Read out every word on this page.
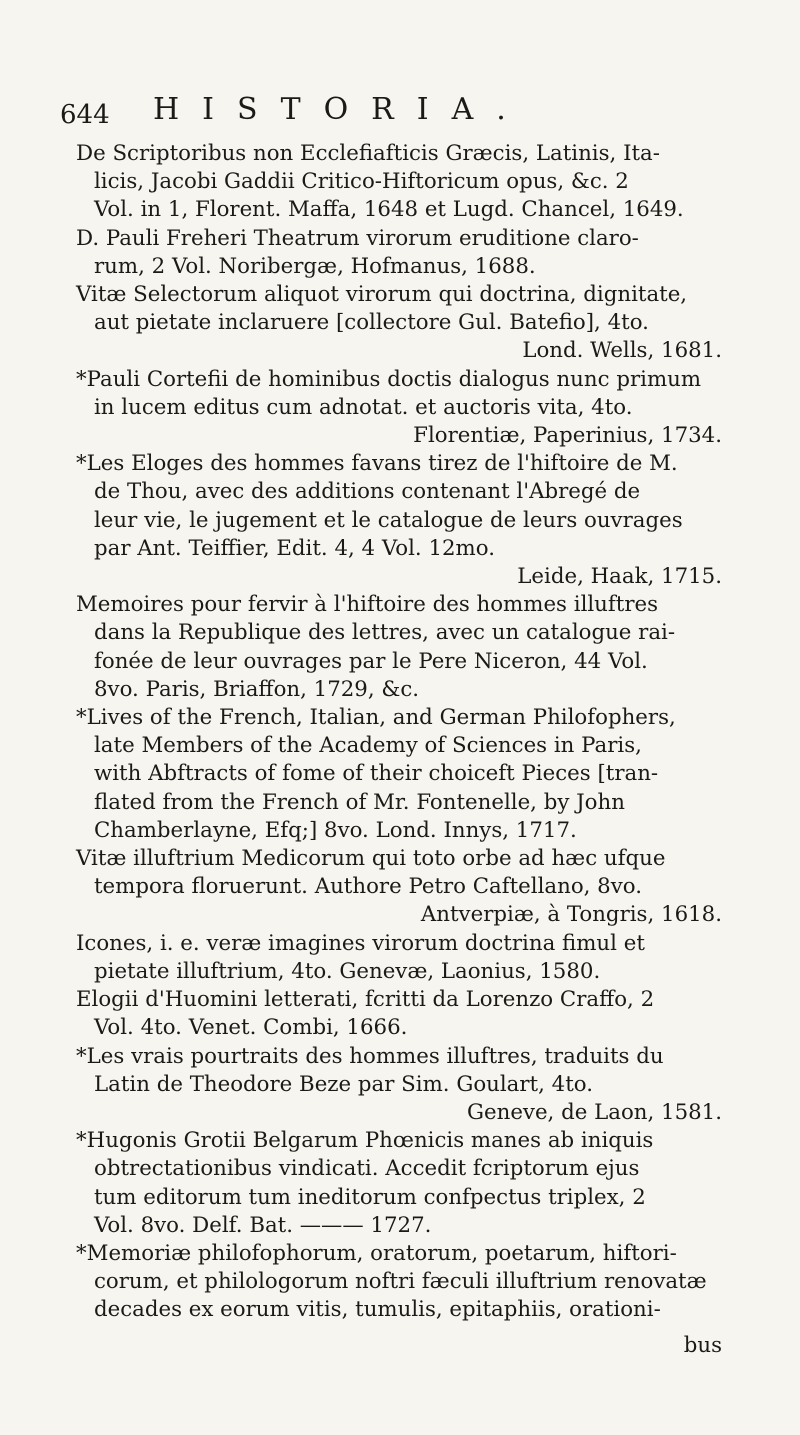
644 HISTORIA.
De Scriptoribus non Ecclefiafticis Græcis, Latinis, Ita-
licis, Jacobi Gaddii Critico-Hiftoricum opus, &c. 2
Vol. in 1, Florent. Maffa, 1648 et Lugd. Chancel, 1649.
D. Pauli Freheri Theatrum virorum eruditione claro-
rum, 2 Vol. Noribergæ, Hofmanus, 1688.
Vitæ Selectorum aliquot virorum qui doctrina, dignitate,
aut pietate inclaruere [collectore Gul. Batefio], 4to.
Lond. Wells, 1681.
*Pauli Cortefii de hominibus doctis dialogus nunc primum
in lucem editus cum adnotat. et auctoris vita, 4to.
Florentiæ, Paperinius, 1734.
*Les Eloges des hommes favans tirez de l'hiftoire de M.
de Thou, avec des additions contenant l'Abregé de
leur vie, le jugement et le catalogue de leurs ouvrages
par Ant. Teiffier, Edit. 4, 4 Vol. 12mo.
Leide, Haak, 1715.
Memoires pour fervir à l'hiftoire des hommes illuftres
dans la Republique des lettres, avec un catalogue rai-
fonée de leur ouvrages par le Pere Niceron, 44 Vol.
8vo. Paris, Briaffon, 1729, &c.
*Lives of the French, Italian, and German Philofophers,
late Members of the Academy of Sciences in Paris,
with Abftracts of fome of their choiceft Pieces [tran-
flated from the French of Mr. Fontenelle, by John
Chamberlayne, Efq;] 8vo. Lond. Innys, 1717.
Vitæ illuftrium Medicorum qui toto orbe ad hæc ufque
tempora floruerunt. Authore Petro Caftellano, 8vo.
Antverpiæ, à Tongris, 1618.
Icones, i. e. veræ imagines virorum doctrina fimul et
pietate illuftrium, 4to. Genevæ, Laonius, 1580.
Elogii d'Huomini letterati, fcritti da Lorenzo Craffo, 2
Vol. 4to. Venet. Combi, 1666.
*Les vrais pourtraits des hommes illuftres, traduits du
Latin de Theodore Beze par Sim. Goulart, 4to.
Geneve, de Laon, 1581.
*Hugonis Grotii Belgarum Phœnicis manes ab iniquis
obtrectationibus vindicati. Accedit fcriptorum ejus
tum editorum tum ineditorum confpectus triplex, 2
Vol. 8vo. Delf. Bat. ——— 1727.
*Memoriæ philofophorum, oratorum, poetarum, hiftori-
corum, et philologorum noftri fæculi illuftrium renovatæ
decades ex eorum vitis, tumulis, epitaphiis, orationi-
bus
